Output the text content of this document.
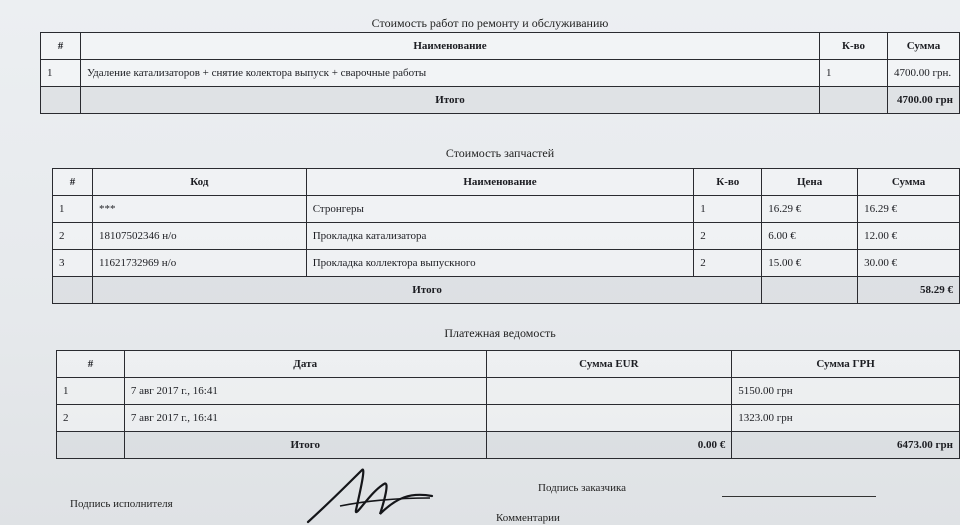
Стоимость работ по ремонту и обслуживанию
#	Наименование	К-во	Сумма
1	Удаление катализаторов + снятие колектора выпуск + сварочные работы	1	4700.00 грн.
	Итого		4700.00 грн
Стоимость запчастей
#	Код	Наименование	К-во	Цена	Сумма
1	***	Стронгеры	1	16.29 €	16.29 €
2	18107502346 н/о	Прокладка катализатора	2	6.00 €	12.00 €
3	11621732969 н/о	Прокладка коллектора выпускного	2	15.00 €	30.00 €
	Итого				58.29 €
Платежная ведомость
#	Дата	Сумма EUR	Сумма ГРН
1	7 авг 2017 г., 16:41		5150.00 грн
2	7 авг 2017 г., 16:41		1323.00 грн
	Итого	0.00 €	6473.00 грн
Подпись исполнителя
Подпись заказчика
Комментарии
